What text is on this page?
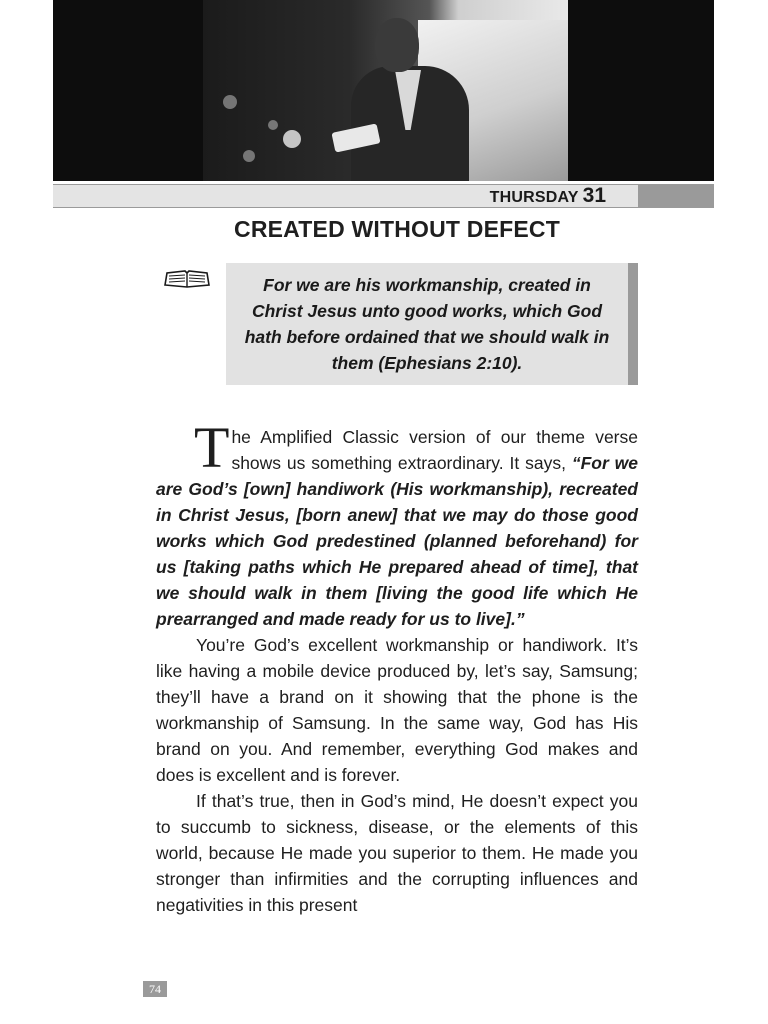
THURSDAY 31
CREATED WITHOUT DEFECT

For we are his workmanship, created in Christ Jesus unto good works, which God hath before ordained that we should walk in them (Ephesians 2:10).

The Amplified Classic version of our theme verse shows us something extraordinary. It says, “For we are God’s [own] handiwork (His workmanship), recreated in Christ Jesus, [born anew] that we may do those good works which God predestined (planned beforehand) for us [taking paths which He prepared ahead of time], that we should walk in them [living the good life which He prearranged and made ready for us to live].”

You’re God’s excellent workmanship or handiwork. It’s like having a mobile device produced by, let’s say, Samsung; they’ll have a brand on it showing that the phone is the workmanship of Samsung. In the same way, God has His brand on you. And remember, everything God makes and does is excellent and is forever.

If that’s true, then in God’s mind, He doesn’t expect you to succumb to sickness, disease, or the elements of this world, because He made you superior to them. He made you stronger than infirmities and the corrupting influences and negativities in this present

74
